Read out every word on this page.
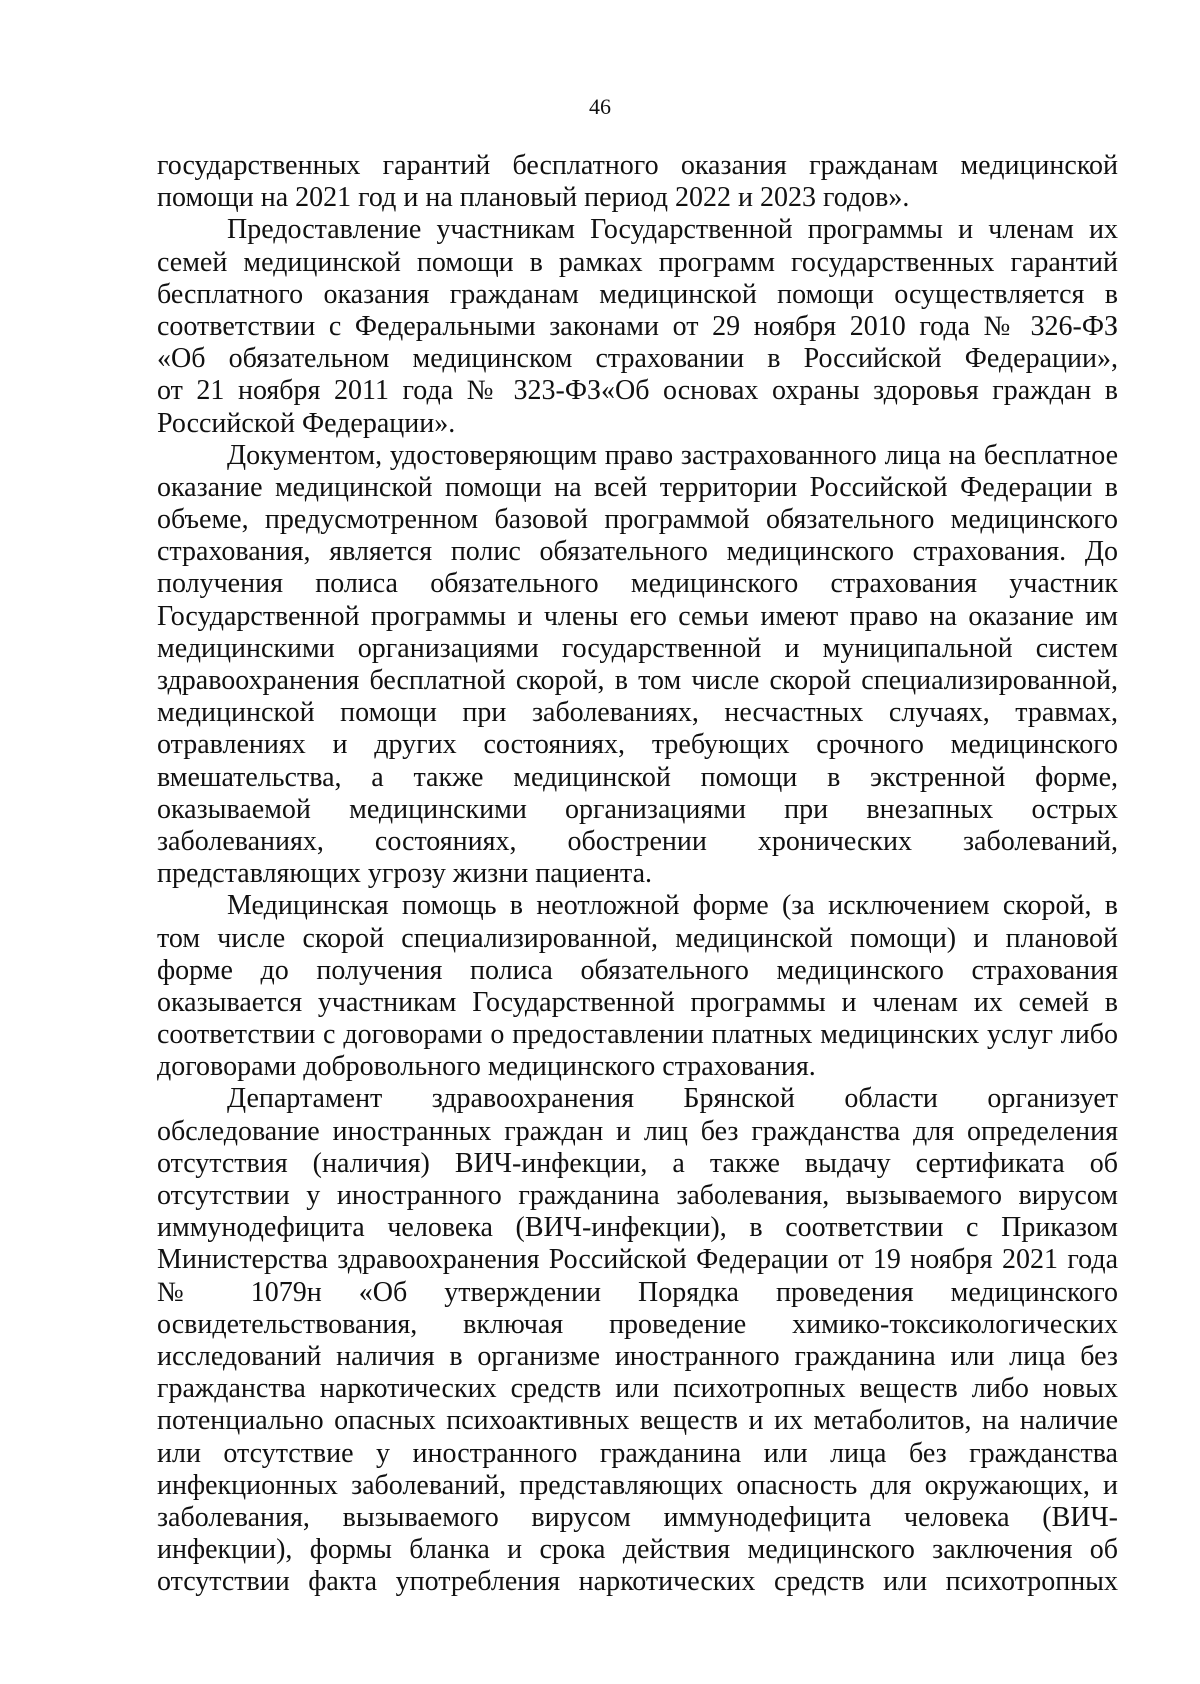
46
государственных гарантий бесплатного оказания гражданам медицинской
помощи на 2021 год и на плановый период 2022 и 2023 годов».
Предоставление участникам Государственной программы и членам их
семей медицинской помощи в рамках программ государственных гарантий
бесплатного оказания гражданам медицинской помощи осуществляется в
соответствии с Федеральными законами от 29 ноября 2010 года № 326-ФЗ
«Об обязательном медицинском страховании в Российской Федерации»,
от 21 ноября 2011 года № 323-ФЗ«Об основах охраны здоровья граждан в
Российской Федерации».
Документом, удостоверяющим право застрахованного лица на бесплатное
оказание медицинской помощи на всей территории Российской Федерации в
объеме, предусмотренном базовой программой обязательного медицинского
страхования, является полис обязательного медицинского страхования. До
получения полиса обязательного медицинского страхования участник
Государственной программы и члены его семьи имеют право на оказание им
медицинскими организациями государственной и муниципальной систем
здравоохранения бесплатной скорой, в том числе скорой специализированной,
медицинской помощи при заболеваниях, несчастных случаях, травмах,
отравлениях и других состояниях, требующих срочного медицинского
вмешательства, а также медицинской помощи в экстренной форме,
оказываемой медицинскими организациями при внезапных острых
заболеваниях, состояниях, обострении хронических заболеваний,
представляющих угрозу жизни пациента.
Медицинская помощь в неотложной форме (за исключением скорой, в
том числе скорой специализированной, медицинской помощи) и плановой
форме до получения полиса обязательного медицинского страхования
оказывается участникам Государственной программы и членам их семей в
соответствии с договорами о предоставлении платных медицинских услуг либо
договорами добровольного медицинского страхования.
Департамент здравоохранения Брянской области организует
обследование иностранных граждан и лиц без гражданства для определения
отсутствия (наличия) ВИЧ-инфекции, а также выдачу сертификата об
отсутствии у иностранного гражданина заболевания, вызываемого вирусом
иммунодефицита человека (ВИЧ-инфекции), в соответствии с Приказом
Министерства здравоохранения Российской Федерации от 19 ноября 2021 года
№ 1079н «Об утверждении Порядка проведения медицинского
освидетельствования, включая проведение химико-токсикологических
исследований наличия в организме иностранного гражданина или лица без
гражданства наркотических средств или психотропных веществ либо новых
потенциально опасных психоактивных веществ и их метаболитов, на наличие
или отсутствие у иностранного гражданина или лица без гражданства
инфекционных заболеваний, представляющих опасность для окружающих, и
заболевания, вызываемого вирусом иммунодефицита человека (ВИЧ-
инфекции), формы бланка и срока действия медицинского заключения об
отсутствии факта употребления наркотических средств или психотропных
